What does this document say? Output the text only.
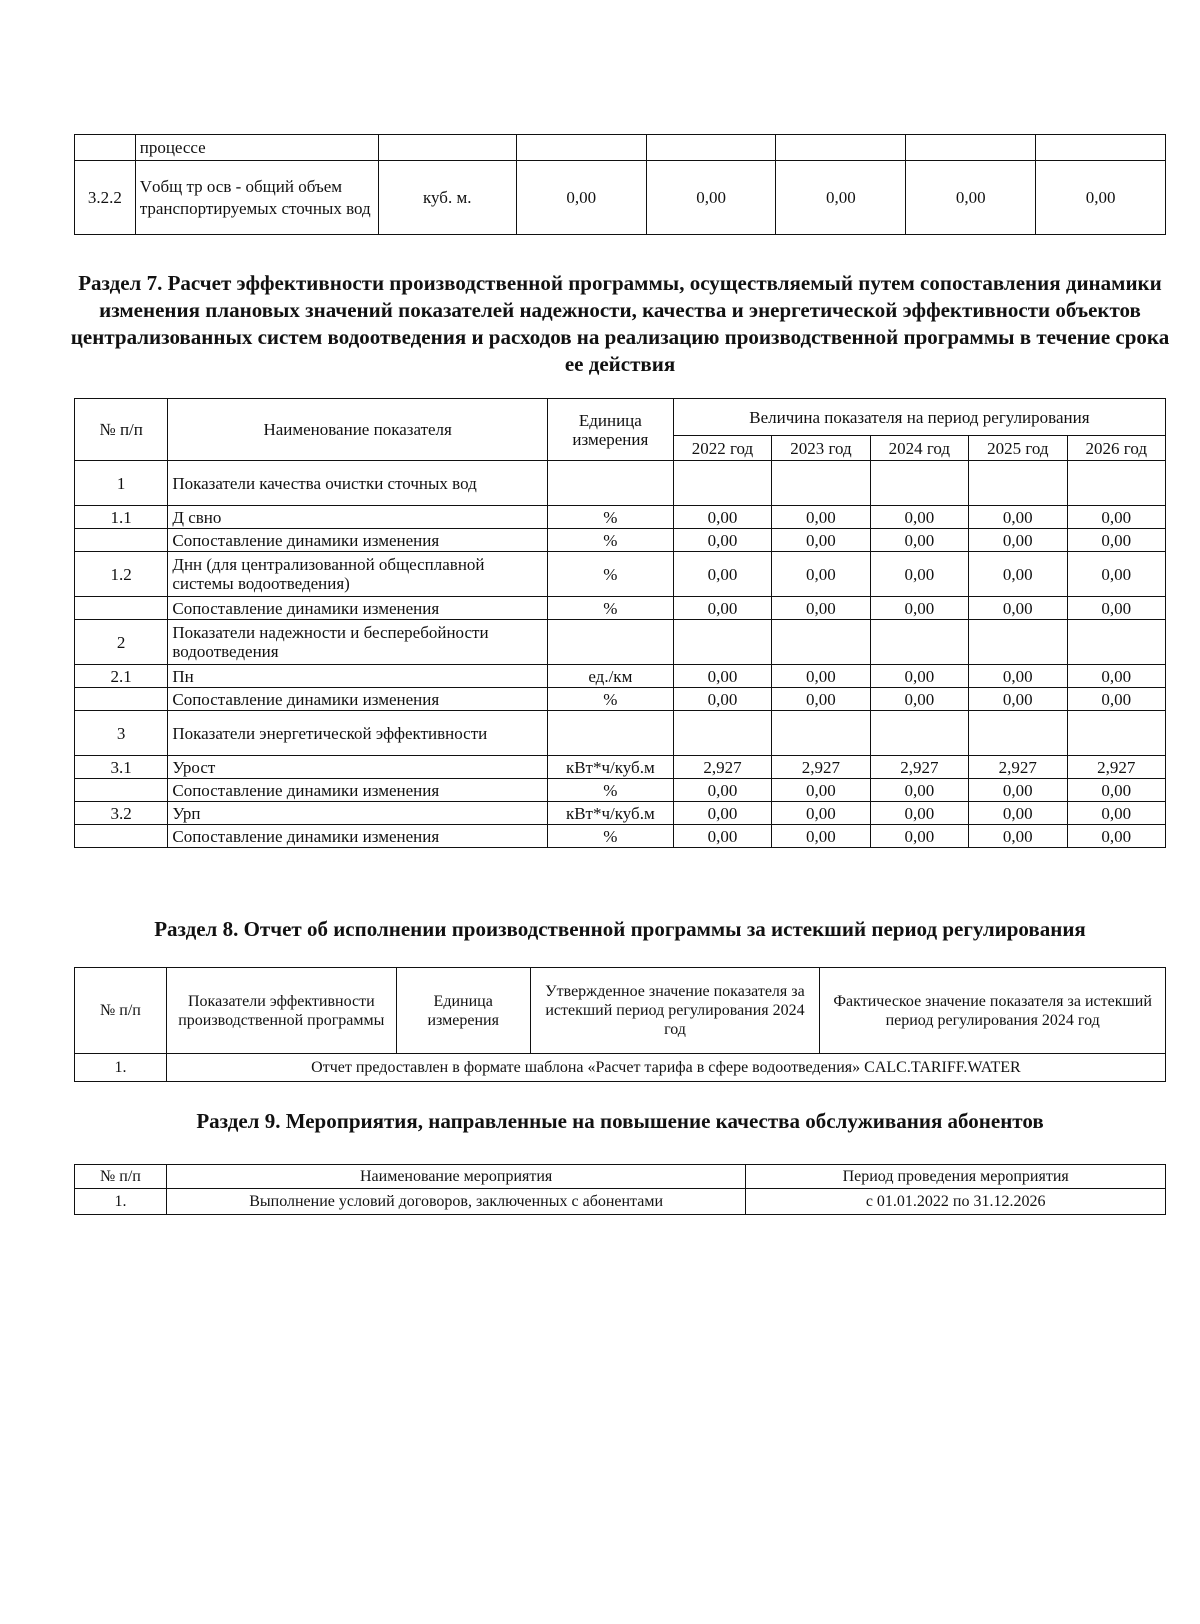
	процессе						
3.2.2	Vобщ тр осв - общий объем транспортируемых сточных вод	куб. м.	0,00	0,00	0,00	0,00	0,00
Раздел 7. Расчет эффективности производственной программы, осуществляемый путем сопоставления динамики изменения плановых значений показателей надежности, качества и энергетической эффективности объектов централизованных систем водоотведения и расходов на реализацию производственной программы в течение срока ее действия
№ п/п	Наименование показателя	Единица измерения	Величина показателя на период регулирования				
			2022 год	2023 год	2024 год	2025 год	2026 год
1	Показатели качества очистки сточных вод						
1.1	Д свно	%	0,00	0,00	0,00	0,00	0,00
	Сопоставление динамики изменения	%	0,00	0,00	0,00	0,00	0,00
1.2	Днн (для централизованной общесплавной системы водоотведения)	%	0,00	0,00	0,00	0,00	0,00
	Сопоставление динамики изменения	%	0,00	0,00	0,00	0,00	0,00
2	Показатели надежности и бесперебойности водоотведения						
2.1	Пн	ед./км	0,00	0,00	0,00	0,00	0,00
	Сопоставление динамики изменения	%	0,00	0,00	0,00	0,00	0,00
3	Показатели энергетической эффективности						
3.1	Урост	кВт*ч/куб.м	2,927	2,927	2,927	2,927	2,927
	Сопоставление динамики изменения	%	0,00	0,00	0,00	0,00	0,00
3.2	Урп	кВт*ч/куб.м	0,00	0,00	0,00	0,00	0,00
	Сопоставление динамики изменения	%	0,00	0,00	0,00	0,00	0,00
Раздел 8. Отчет об исполнении производственной программы за истекший период регулирования
№ п/п	Показатели эффективности производственной программы	Единица измерения	Утвержденное значение показателя за истекший период регулирования 2024 год	Фактическое значение показателя за истекший период регулирования 2024 год
1.	Отчет предоставлен в формате шаблона «Расчет тарифа в сфере водоотведения» CALC.TARIFF.WATER			
Раздел 9. Мероприятия, направленные на повышение качества обслуживания абонентов
№ п/п	Наименование мероприятия	Период проведения мероприятия
1.	Выполнение условий договоров, заключенных с абонентами	с 01.01.2022 по 31.12.2026
